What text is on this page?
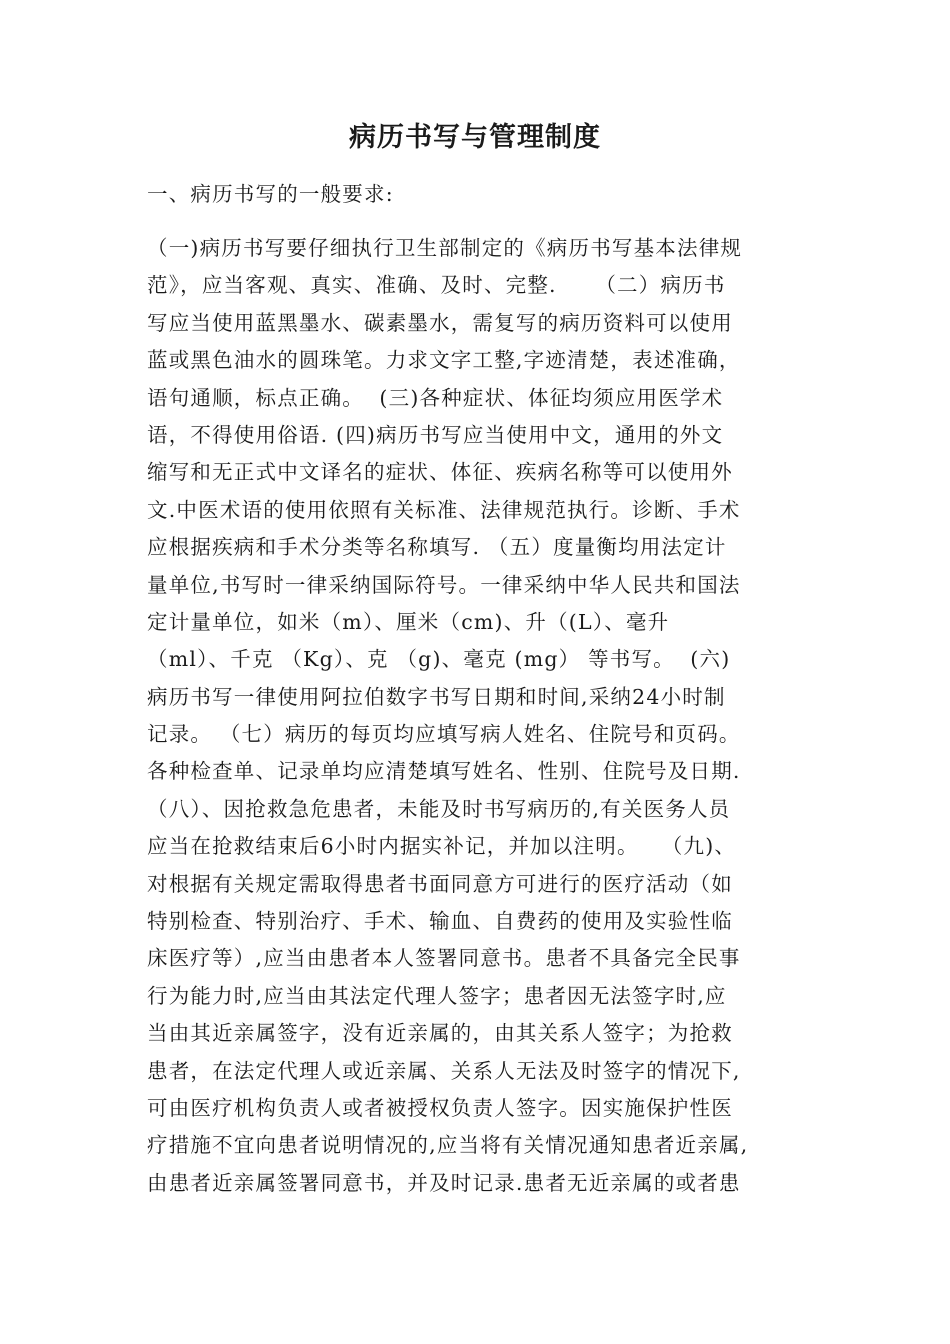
病历书写与管理制度
一、病历书写的一般要求:
（一)病历书写要仔细执行卫生部制定的《病历书写基本法律规
范》，应当客观、真实、准确、及时、完整.     （二）病历书
写应当使用蓝黑墨水、碳素墨水，需复写的病历资料可以使用
蓝或黑色油水的圆珠笔。力求文字工整,字迹清楚，表述准确，
语句通顺，标点正确。  (三)各种症状、体征均须应用医学术
语，不得使用俗语. (四)病历书写应当使用中文，通用的外文
缩写和无正式中文译名的症状、体征、疾病名称等可以使用外
文.中医术语的使用依照有关标准、法律规范执行。诊断、手术
应根据疾病和手术分类等名称填写. （五）度量衡均用法定计
量单位,书写时一律采纳国际符号。一律采纳中华人民共和国法
定计量单位，如米（m）、厘米（cm)、升（(L）、毫升
（ml）、千克 （Kg）、克 （g)、毫克 (mg） 等书写。  (六)
病历书写一律使用阿拉伯数字书写日期和时间,采纳24小时制
记录。 （七）病历的每页均应填写病人姓名、住院号和页码。
各种检查单、记录单均应清楚填写姓名、性别、住院号及日期.
（八）、因抢救急危患者，未能及时书写病历的,有关医务人员
应当在抢救结束后6小时内据实补记，并加以注明。   （九)、
对根据有关规定需取得患者书面同意方可进行的医疗活动（如
特别检查、特别治疗、手术、输血、自费药的使用及实验性临
床医疗等）,应当由患者本人签署同意书。患者不具备完全民事
行为能力时,应当由其法定代理人签字；患者因无法签字时,应
当由其近亲属签字，没有近亲属的，由其关系人签字；为抢救
患者，在法定代理人或近亲属、关系人无法及时签字的情况下,
可由医疗机构负责人或者被授权负责人签字。因实施保护性医
疗措施不宜向患者说明情况的,应当将有关情况通知患者近亲属,
由患者近亲属签署同意书，并及时记录.患者无近亲属的或者患
